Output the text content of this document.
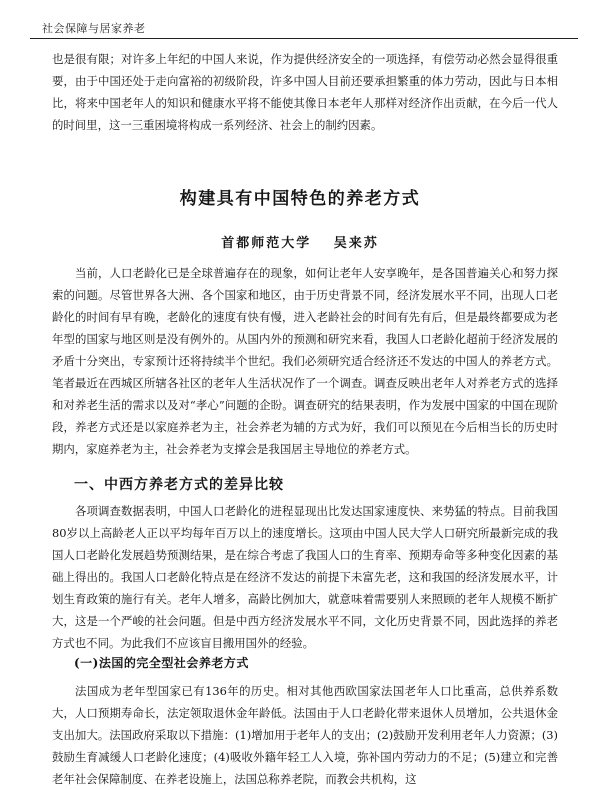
社会保障与居家养老

也是很有限；对许多上年纪的中国人来说，作为提供经济安全的一项选择，有偿劳动必然会显得很重要，由于中国还处于走向富裕的初级阶段，许多中国人目前还要承担繁重的体力劳动，因此与日本相比，将来中国老年人的知识和健康水平将不能使其像日本老年人那样对经济作出贡献，在今后一代人的时间里，这一三重困境将构成一系列经济、社会上的制约因素。

构建具有中国特色的养老方式
首都师范大学 吴来苏

当前，人口老龄化已是全球普遍存在的现象，如何让老年人安享晚年，是各国普遍关心和努力探索的问题。尽管世界各大洲、各个国家和地区，由于历史背景不同，经济发展水平不同，出现人口老龄化的时间有早有晚，老龄化的速度有快有慢，进入老龄社会的时间有先有后，但是最终都要成为老年型的国家与地区则是没有例外的。从国内外的预测和研究来看，我国人口老龄化超前于经济发展的矛盾十分突出，专家预计还将持续半个世纪。我们必须研究适合经济还不发达的中国人的养老方式。笔者最近在西城区所辖各社区的老年人生活状况作了一个调查。调查反映出老年人对养老方式的选择和对养老生活的需求以及对“孝心”问题的企盼。调查研究的结果表明，作为发展中国家的中国在现阶段，养老方式还是以家庭养老为主，社会养老为辅的方式为好，我们可以预见在今后相当长的历史时期内，家庭养老为主，社会养老为支撑会是我国居主导地位的养老方式。

一、中西方养老方式的差异比较

各项调查数据表明，中国人口老龄化的进程显现出比发达国家速度快、来势猛的特点。目前我国80岁以上高龄老人正以平均每年百万以上的速度增长。这项由中国人民大学人口研究所最新完成的我国人口老龄化发展趋势预测结果，是在综合考虑了我国人口的生育率、预期寿命等多种变化因素的基础上得出的。我国人口老龄化特点是在经济不发达的前提下未富先老，这和我国的经济发展水平，计划生育政策的施行有关。老年人增多，高龄比例加大，就意味着需要别人来照顾的老年人规模不断扩大，这是一个严峻的社会问题。但是中西方经济发展水平不同，文化历史背景不同，因此选择的养老方式也不同。为此我们不应该盲目搬用国外的经验。

(一)法国的完全型社会养老方式

法国成为老年型国家已有136年的历史。相对其他西欧国家法国老年人口比重高，总供养系数大，人口预期寿命长，法定领取退休金年龄低。法国由于人口老龄化带来退休人员增加，公共退休金支出加大。法国政府采取以下措施：(1)增加用于老年人的支出；(2)鼓励开发利用老年人力资源；(3)鼓励生育减缓人口老龄化速度；(4)吸收外籍年轻工人入境，弥补国内劳动力的不足；(5)建立和完善老年社会保障制度、在养老设施上，法国总称养老院，而教会共机构，这
